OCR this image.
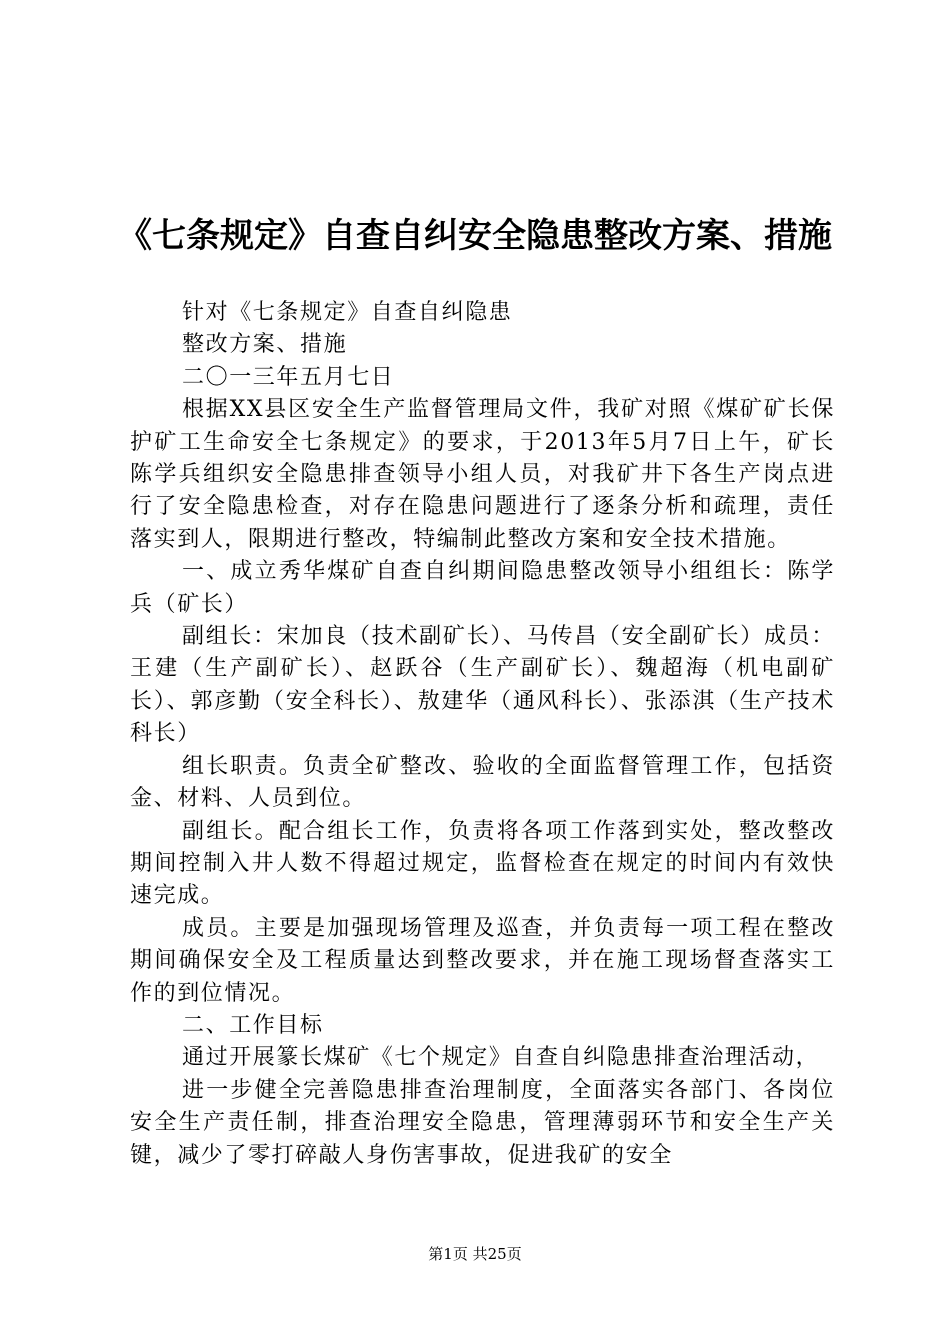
《七条规定》自查自纠安全隐患整改方案、措施

针对《七条规定》自查自纠隐患

整改方案、措施

二〇一三年五月七日

根据XX县区安全生产监督管理局文件，我矿对照《煤矿矿长保护矿工生命安全七条规定》的要求，于2013年5月7日上午，矿长陈学兵组织安全隐患排查领导小组人员，对我矿井下各生产岗点进行了安全隐患检查，对存在隐患问题进行了逐条分析和疏理，责任落实到人，限期进行整改，特编制此整改方案和安全技术措施。

一、成立秀华煤矿自查自纠期间隐患整改领导小组组长：陈学兵（矿长）

副组长：宋加良（技术副矿长）、马传昌（安全副矿长）成员：王建（生产副矿长）、赵跃谷（生产副矿长）、魏超海（机电副矿长）、郭彦勤（安全科长）、敖建华（通风科长）、张添淇（生产技术科长）

组长职责。负责全矿整改、验收的全面监督管理工作，包括资金、材料、人员到位。

副组长。配合组长工作，负责将各项工作落到实处，整改整改期间控制入井人数不得超过规定，监督检查在规定的时间内有效快速完成。

成员。主要是加强现场管理及巡查，并负责每一项工程在整改期间确保安全及工程质量达到整改要求，并在施工现场督查落实工作的到位情况。

二、工作目标

通过开展篆长煤矿《七个规定》自查自纠隐患排查治理活动，

进一步健全完善隐患排查治理制度，全面落实各部门、各岗位安全生产责任制，排查治理安全隐患，管理薄弱环节和安全生产关键，减少了零打碎敲人身伤害事故，促进我矿的安全

第1页 共25页
